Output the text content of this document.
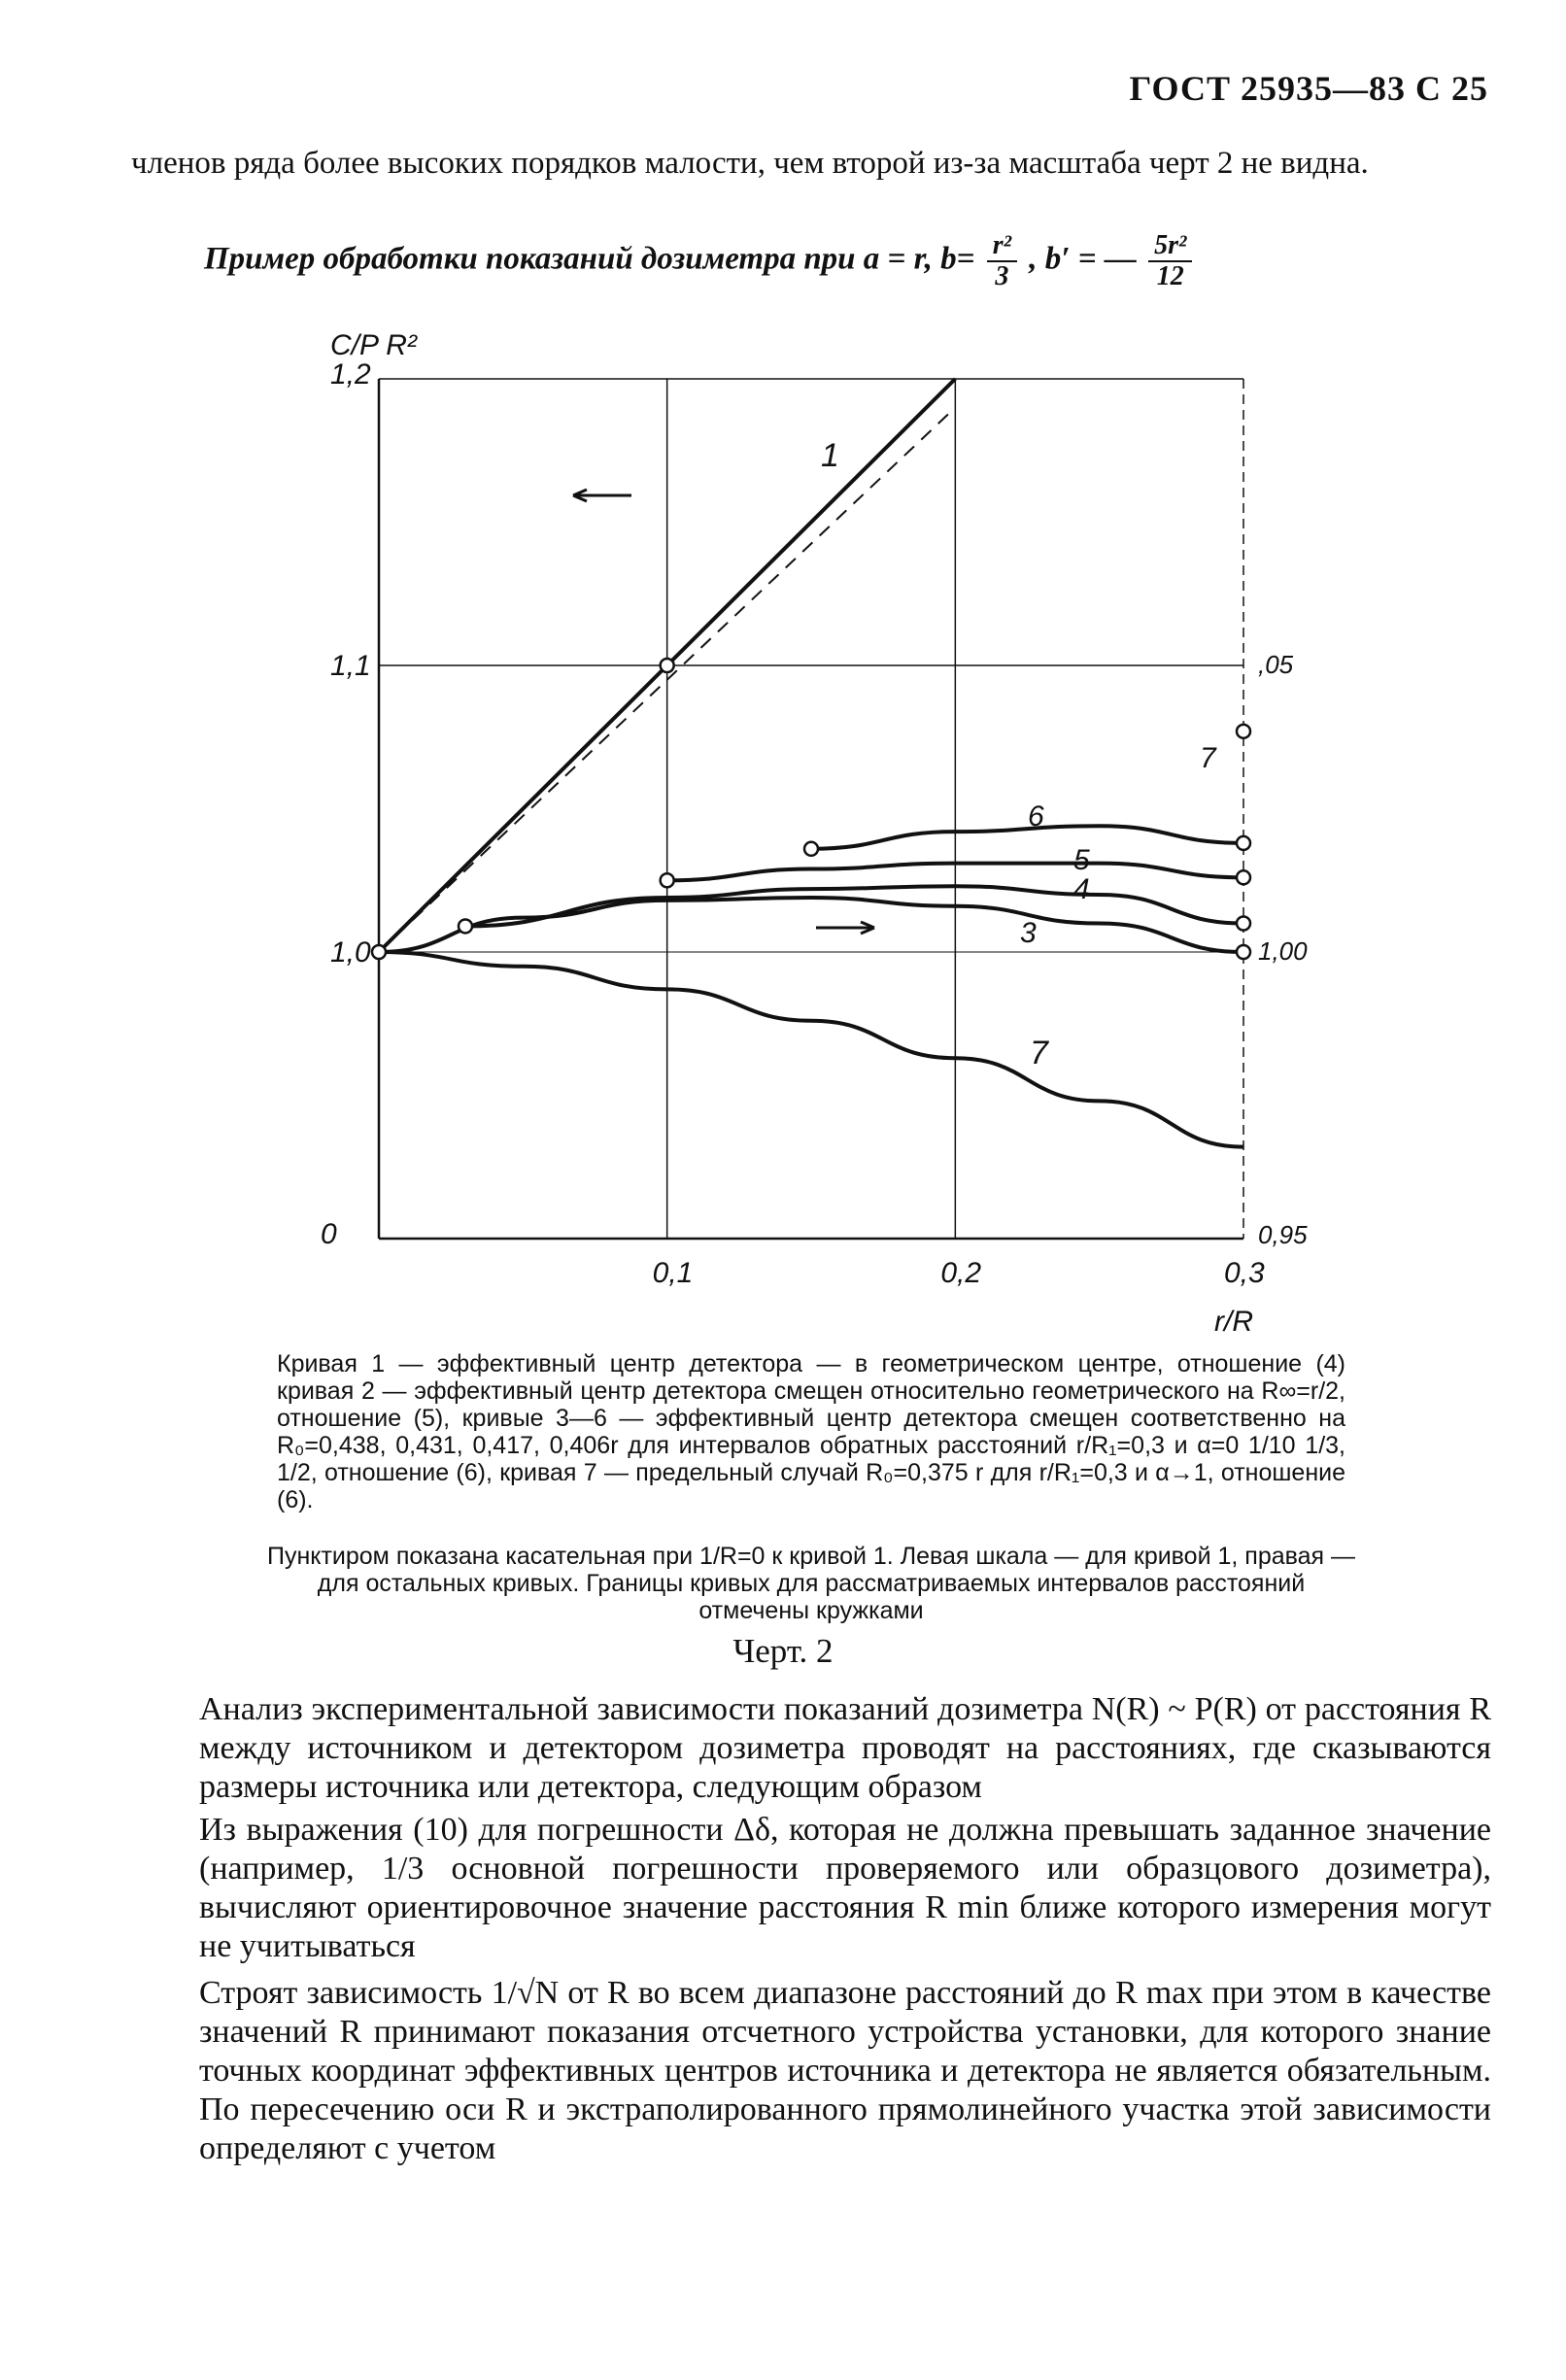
ГОСТ 25935—83 С 25
членов ряда более высоких порядков малости, чем второй из-за масштаба черт 2 не видна.
Пример обработки показаний дозиметра при a = r, $b= \frac{\text{r²}}{3}$ , b′ = — $\frac{\text{5r²}}{12}$
0
0,1	0,2	0,3
1,0
1,1
1,2
0,95
1,00
,05
C/P R²
r/R
1
6
5
4
3
7
7
Кривая 1 — эффективный центр детектора — в геометрическом центре, отношение (4) кривая 2 — эффективный центр детектора смещен относительно геометрического на R∞=r/2, отношение (5), кривые 3—6 — эффективный центр детектора смещен соответственно на R₀=0,438, 0,431, 0,417, 0,406r для интервалов обратных расстояний r/R₁=0,3 и α=0 1/10 1/3, 1/2, отношение (6), кривая 7 — предельный случай R₀=0,375 r для r/R₁=0,3 и α→1, отношение (6).
Пунктиром показана касательная при 1/R=0 к кривой 1. Левая шкала — для кривой 1, правая — для остальных кривых. Границы кривых для рассматриваемых интервалов расстояний отмечены кружками
Черт. 2

Анализ экспериментальной зависимости показаний дозиметра N(R) ~ P(R) от расстояния R между источником и детектором дозиметра проводят на расстояниях, где сказываются размеры источника или детектора, следующим образом

Из выражения (10) для погрешности Δδ, которая не должна превышать заданное значение (например, 1/3 основной погрешности проверяемого или образцового дозиметра), вычисляют ориентировочное значение расстояния R min ближе которого измерения могут не учитываться

Строят зависимость 1/√N от R во всем диапазоне расстояний до R max при этом в качестве значений R принимают показания отсчетного устройства установки, для которого знание точных координат эффективных центров источника и детектора не является обязательным. По пересечению оси R и экстраполированного прямолинейного участка этой зависимости определяют с учетом
